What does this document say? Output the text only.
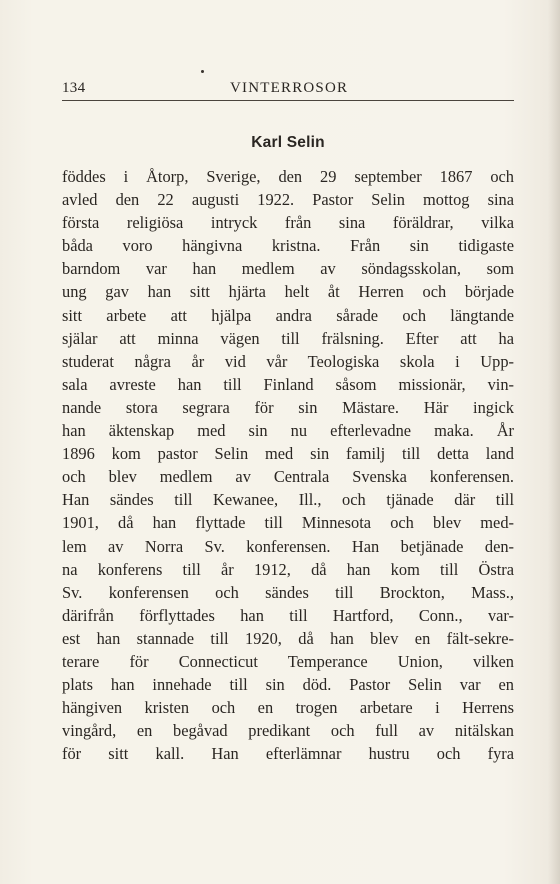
134	VINTERROSOR
Karl Selin
föddes i Åtorp, Sverige, den 29 september 1867 och
avled den 22 augusti 1922. Pastor Selin mottog sina
första religiösa intryck från sina föräldrar, vilka
båda voro hängivna kristna. Från sin tidigaste
barndom var han medlem av söndagsskolan, som
ung gav han sitt hjärta helt åt Herren och började
sitt arbete att hjälpa andra sårade och längtande
själar att minna vägen till frälsning. Efter att ha
studerat några år vid vår Teologiska skola i Upp-
sala avreste han till Finland såsom missionär, vin-
nande stora segrara för sin Mästare. Här ingick
han äktenskap med sin nu efterlevadne maka. År
1896 kom pastor Selin med sin familj till detta land
och blev medlem av Centrala Svenska konferensen.
Han sändes till Kewanee, Ill., och tjänade där till
1901, då han flyttade till Minnesota och blev med-
lem av Norra Sv. konferensen. Han betjänade den-
na konferens till år 1912, då han kom till Östra
Sv. konferensen och sändes till Brockton, Mass.,
därifrån förflyttades han till Hartford, Conn., var-
est han stannade till 1920, då han blev en fält-sekre-
terare för Connecticut Temperance Union, vilken
plats han innehade till sin död. Pastor Selin var en
hängiven kristen och en trogen arbetare i Herrens
vingård, en begåvad predikant och full av nitälskan
för sitt kall. Han efterlämnar hustru och fyra
